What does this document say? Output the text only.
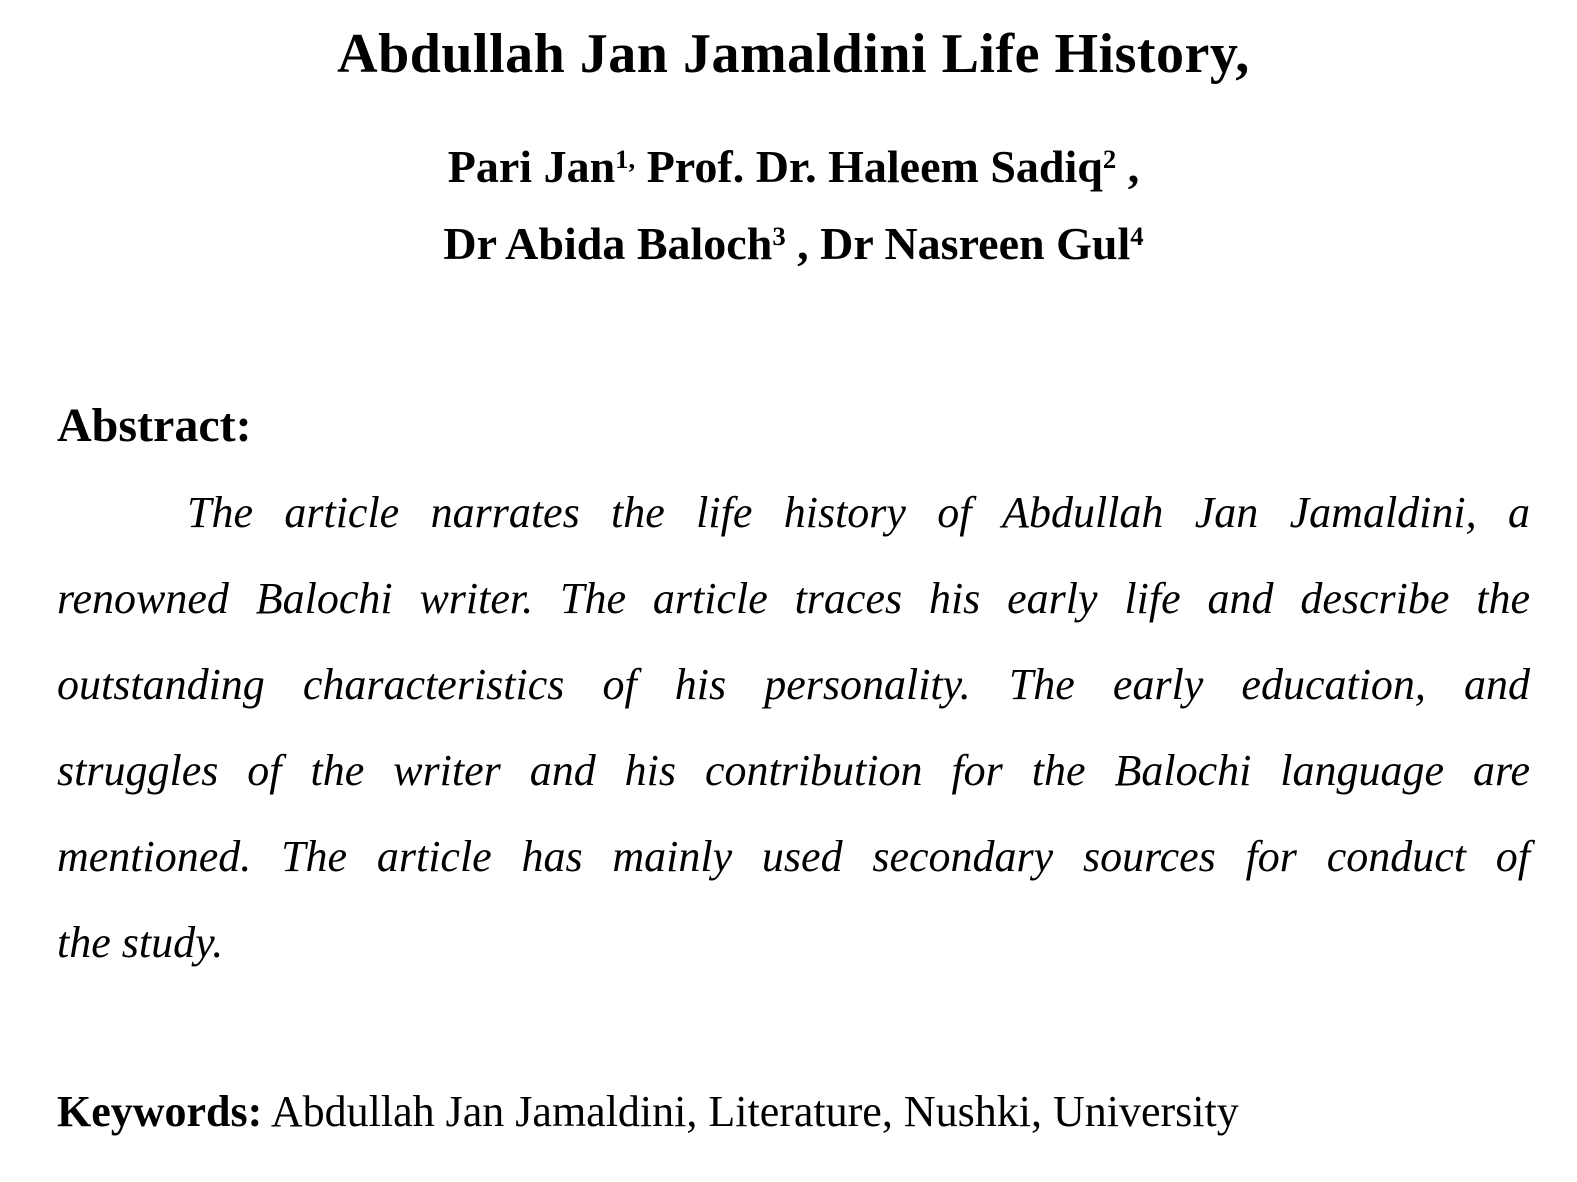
Abdullah Jan Jamaldini Life History,
Pari Jan$^{1,}$ Prof. Dr. Haleem Sadiq$^2$ ,
Dr Abida Baloch$^3$ , Dr Nasreen Gul$^4$
Abstract:
The article narrates the life history of Abdullah Jan Jamaldini, a
renowned Balochi writer. The article traces his early life and describe the
outstanding characteristics of his personality. The early education, and
struggles of the writer and his contribution for the Balochi language are
mentioned. The article has mainly used secondary sources for conduct of
the study.

Keywords: Abdullah Jan Jamaldini, Literature, Nushki, University
